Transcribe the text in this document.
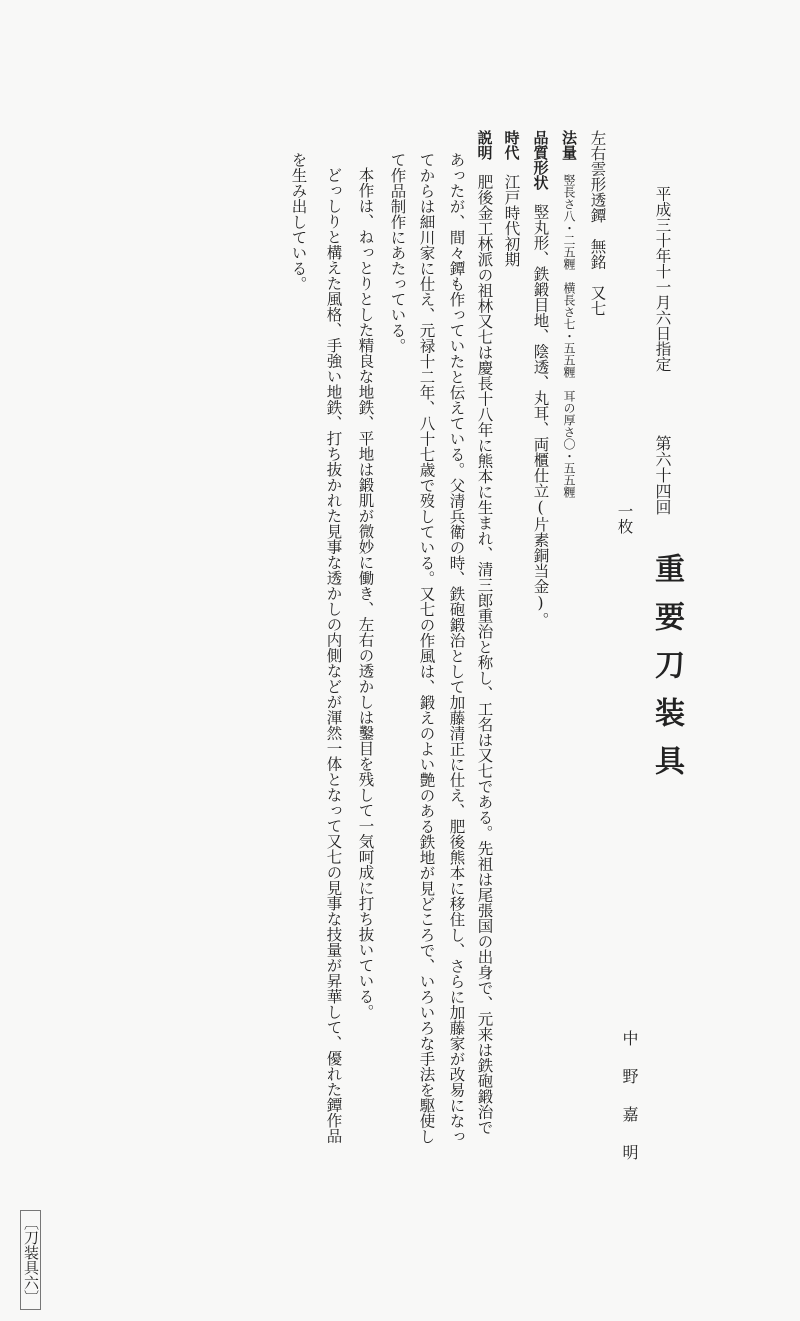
平成三十年十一月六日指定
第六十四回
重要刀装具
一枚
左右雲形透鐔　無銘　又七
法量竪長さ八・二五糎　横長さ七・五五糎　耳の厚さ〇・五五糎
品質形状竪丸形、鉄鍛目地、陰透、丸耳、両櫃仕立(片素銅当金)。
時代江戸時代初期
説明肥後金工林派の祖林又七は慶長十八年に熊本に生まれ、清三郎重治と称し、工名は又七である。先祖は尾張国の出身で、元来は鉄砲鍛治で
あったが、間々鐔も作っていたと伝えている。父清兵衛の時、鉄砲鍛治として加藤清正に仕え、肥後熊本に移住し、さらに加藤家が改易になっ
てからは細川家に仕え、元禄十二年、八十七歳で歿している。又七の作風は、鍛えのよい艶のある鉄地が見どころで、いろいろな手法を駆使し
て作品制作にあたっている。
本作は、ねっとりとした精良な地鉄、平地は鍛肌が微妙に働き、左右の透かしは鑿目を残して一気呵成に打ち抜いている。
どっしりと構えた風格、手強い地鉄、打ち抜かれた見事な透かしの内側などが渾然一体となって又七の見事な技量が昇華して、優れた鐔作品
を生み出している。
中野嘉明
〔刀装具六〕
